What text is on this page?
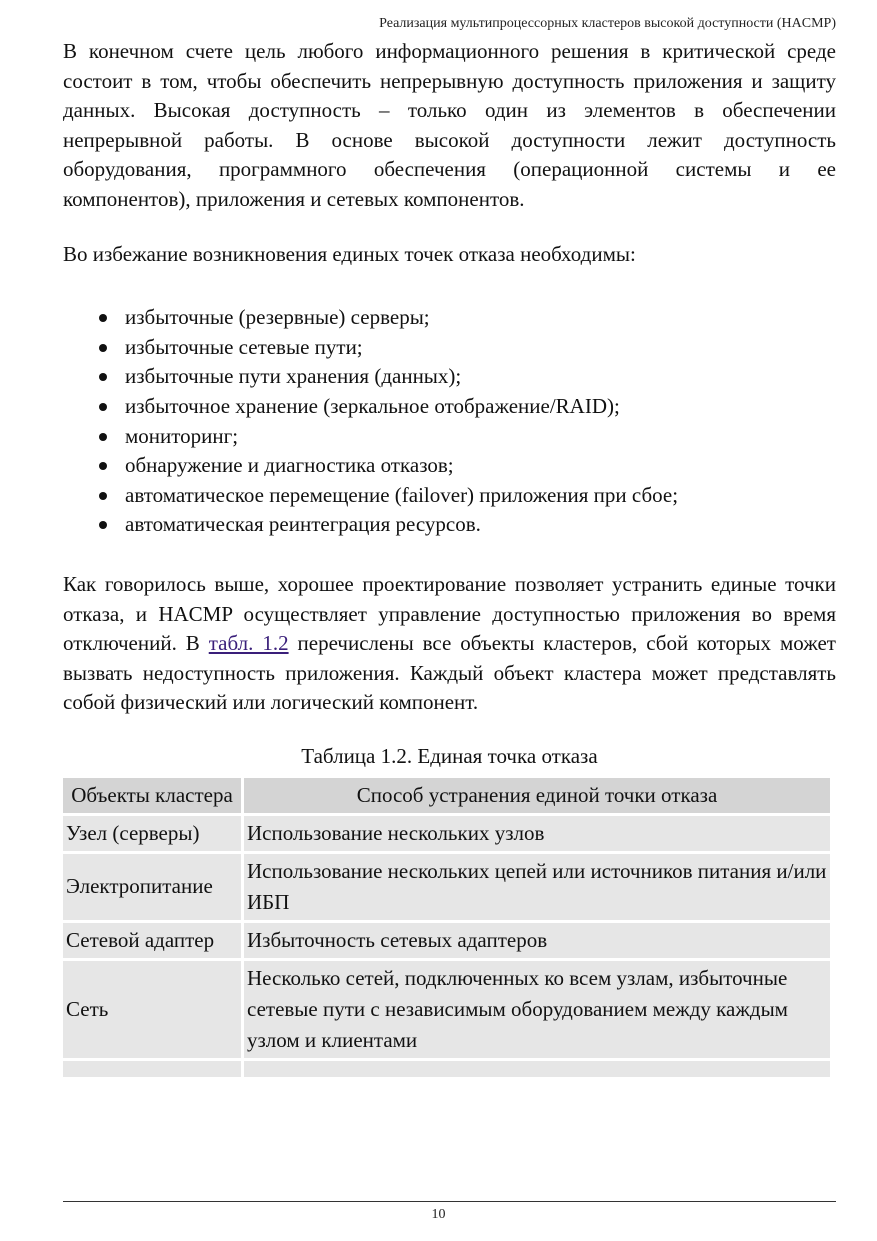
Реализация мультипроцессорных кластеров высокой доступности (HACMP)

В конечном счете цель любого информационного решения в критической среде состоит в том, чтобы обеспечить непрерывную доступность приложения и защиту данных. Высокая доступность – только один из элементов в обеспечении непрерывной работы. В основе высокой доступности лежит доступность оборудования, программного обеспечения (операционной системы и ее компонентов), приложения и сетевых компонентов.

Во избежание возникновения единых точек отказа необходимы:

избыточные (резервные) серверы;
избыточные сетевые пути;
избыточные пути хранения (данных);
избыточное хранение (зеркальное отображение/RAID);
мониторинг;
обнаружение и диагностика отказов;
автоматическое перемещение (failover) приложения при сбое;
автоматическая реинтеграция ресурсов.

Как говорилось выше, хорошее проектирование позволяет устранить единые точки отказа, и HACMP осуществляет управление доступностью приложения во время отключений. В табл. 1.2 перечислены все объекты кластеров, сбой которых может вызвать недоступность приложения. Каждый объект кластера может представлять собой физический или логический компонент.

Таблица 1.2. Единая точка отказа

Объекты кластера	Способ устранения единой точки отказа
Узел (серверы)	Использование нескольких узлов
Электропитание	Использование нескольких цепей или источников питания и/или ИБП
Сетевой адаптер	Избыточность сетевых адаптеров
Сеть	Несколько сетей, подключенных ко всем узлам, избыточные сетевые пути с независимым оборудованием между каждым узлом и клиентами

10
